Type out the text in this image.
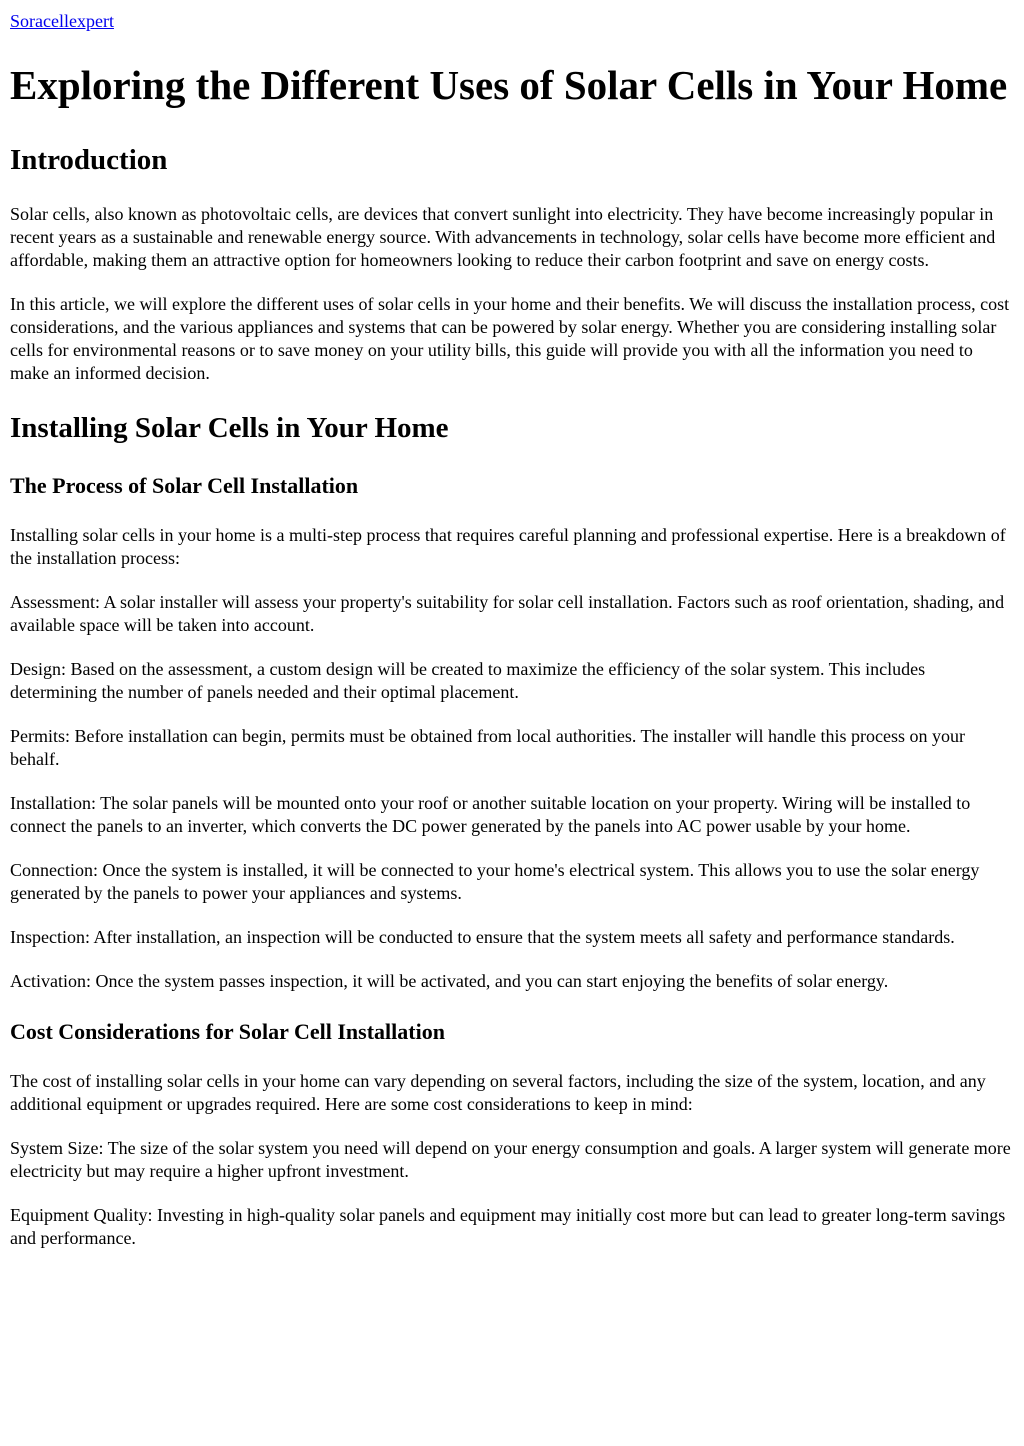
Soracellexpert
Exploring the Different Uses of Solar Cells in Your Home
Introduction

Solar cells, also known as photovoltaic cells, are devices that convert sunlight into electricity. They have become increasingly popular in recent years as a sustainable and renewable energy source. With advancements in technology, solar cells have become more efficient and affordable, making them an attractive option for homeowners looking to reduce their carbon footprint and save on energy costs.

In this article, we will explore the different uses of solar cells in your home and their benefits. We will discuss the installation process, cost considerations, and the various appliances and systems that can be powered by solar energy. Whether you are considering installing solar cells for environmental reasons or to save money on your utility bills, this guide will provide you with all the information you need to make an informed decision.

Installing Solar Cells in Your Home
The Process of Solar Cell Installation

Installing solar cells in your home is a multi-step process that requires careful planning and professional expertise. Here is a breakdown of the installation process:

Assessment: A solar installer will assess your property's suitability for solar cell installation. Factors such as roof orientation, shading, and available space will be taken into account.

Design: Based on the assessment, a custom design will be created to maximize the efficiency of the solar system. This includes determining the number of panels needed and their optimal placement.

Permits: Before installation can begin, permits must be obtained from local authorities. The installer will handle this process on your behalf.

Installation: The solar panels will be mounted onto your roof or another suitable location on your property. Wiring will be installed to connect the panels to an inverter, which converts the DC power generated by the panels into AC power usable by your home.

Connection: Once the system is installed, it will be connected to your home's electrical system. This allows you to use the solar energy generated by the panels to power your appliances and systems.

Inspection: After installation, an inspection will be conducted to ensure that the system meets all safety and performance standards.

Activation: Once the system passes inspection, it will be activated, and you can start enjoying the benefits of solar energy.

Cost Considerations for Solar Cell Installation

The cost of installing solar cells in your home can vary depending on several factors, including the size of the system, location, and any additional equipment or upgrades required. Here are some cost considerations to keep in mind:

System Size: The size of the solar system you need will depend on your energy consumption and goals. A larger system will generate more electricity but may require a higher upfront investment.

Equipment Quality: Investing in high-quality solar panels and equipment may initially cost more but can lead to greater long-term savings and performance.
